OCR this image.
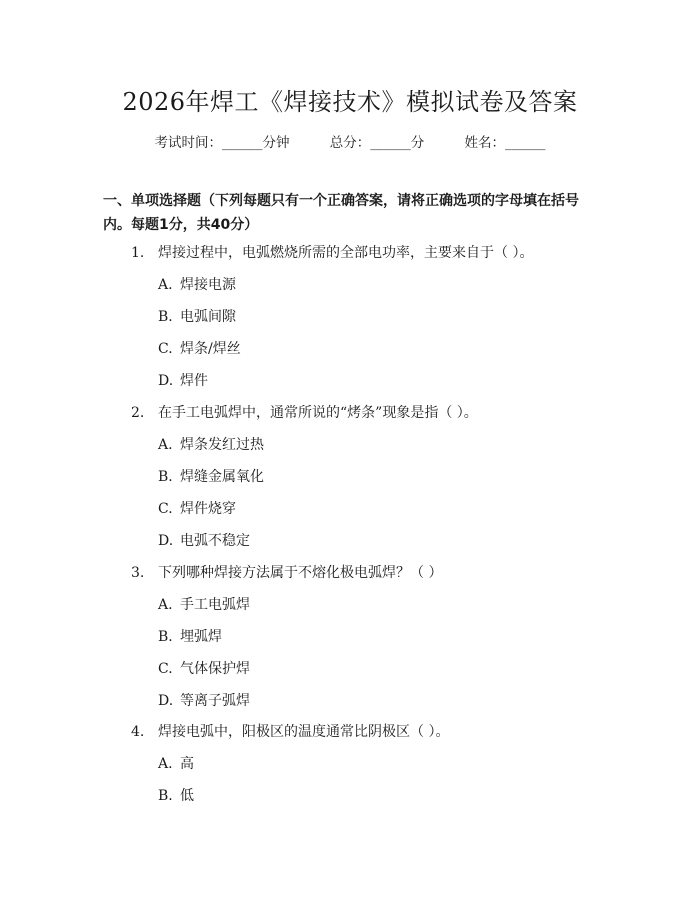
2026年焊工《焊接技术》模拟试卷及答案
考试时间：______分钟	总分：______分	姓名：______
一、单项选择题（下列每题只有一个正确答案，请将正确选项的字母填在括号内。每题1分，共40分）
1. 焊接过程中，电弧燃烧所需的全部电功率，主要来自于（ ）。
A. 焊接电源
B. 电弧间隙
C. 焊条/焊丝
D. 焊件
2. 在手工电弧焊中，通常所说的“烤条”现象是指（ ）。
A. 焊条发红过热
B. 焊缝金属氧化
C. 焊件烧穿
D. 电弧不稳定
3. 下列哪种焊接方法属于不熔化极电弧焊？（ ）
A. 手工电弧焊
B. 埋弧焊
C. 气体保护焊
D. 等离子弧焊
4. 焊接电弧中，阳极区的温度通常比阴极区（ ）。
A. 高
B. 低
